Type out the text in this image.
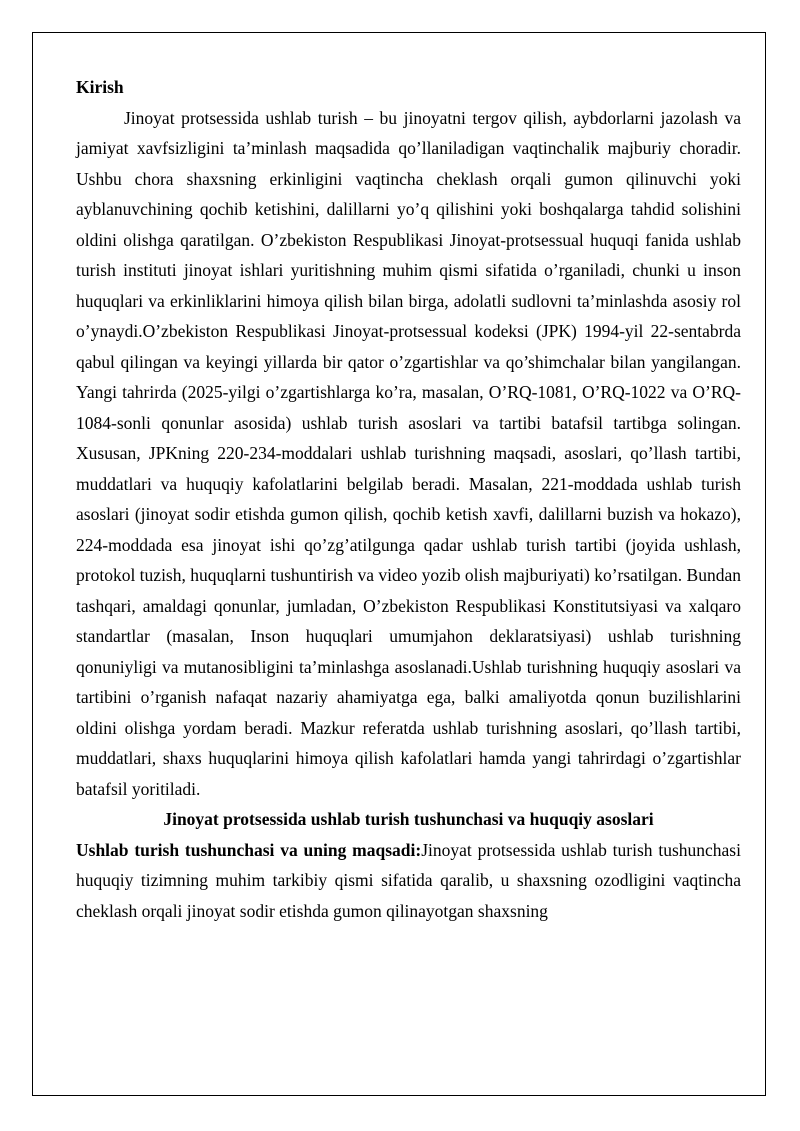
Kirish

Jinoyat protsessida ushlab turish – bu jinoyatni tergov qilish, aybdorlarni jazolash va jamiyat xavfsizligini ta’minlash maqsadida qo’llaniladigan vaqtinchalik majburiy choradir. Ushbu chora shaxsning erkinligini vaqtincha cheklash orqali gumon qilinuvchi yoki ayblanuvchining qochib ketishini, dalillarni yo’q qilishini yoki boshqalarga tahdid solishini oldini olishga qaratilgan. O’zbekiston Respublikasi Jinoyat-protsessual huquqi fanida ushlab turish instituti jinoyat ishlari yuritishning muhim qismi sifatida o’rganiladi, chunki u inson huquqlari va erkinliklarini himoya qilish bilan birga, adolatli sudlovni ta’minlashda asosiy rol o’ynaydi.O’zbekiston Respublikasi Jinoyat-protsessual kodeksi (JPK) 1994-yil 22-sentabrda qabul qilingan va keyingi yillarda bir qator o’zgartishlar va qo’shimchalar bilan yangilangan. Yangi tahrirda (2025-yilgi o’zgartishlarga ko’ra, masalan, O’RQ-1081, O’RQ-1022 va O’RQ-1084-sonli qonunlar asosida) ushlab turish asoslari va tartibi batafsil tartibga solingan. Xususan, JPKning 220-234-moddalari ushlab turishning maqsadi, asoslari, qo’llash tartibi, muddatlari va huquqiy kafolatlarini belgilab beradi. Masalan, 221-moddada ushlab turish asoslari (jinoyat sodir etishda gumon qilish, qochib ketish xavfi, dalillarni buzish va hokazo), 224-moddada esa jinoyat ishi qo’zg’atilgunga qadar ushlab turish tartibi (joyida ushlash, protokol tuzish, huquqlarni tushuntirish va video yozib olish majburiyati) ko’rsatilgan. Bundan tashqari, amaldagi qonunlar, jumladan, O’zbekiston Respublikasi Konstitutsiyasi va xalqaro standartlar (masalan, Inson huquqlari umumjahon deklaratsiyasi) ushlab turishning qonuniyligi va mutanosibligini ta’minlashga asoslanadi.Ushlab turishning huquqiy asoslari va tartibini o’rganish nafaqat nazariy ahamiyatga ega, balki amaliyotda qonun buzilishlarini oldini olishga yordam beradi. Mazkur referatda ushlab turishning asoslari, qo’llash tartibi, muddatlari, shaxs huquqlarini himoya qilish kafolatlari hamda yangi tahrirdagi o’zgartishlar batafsil yoritiladi.

Jinoyat protsessida ushlab turish tushunchasi va huquqiy asoslari

Ushlab turish tushunchasi va uning maqsadi:Jinoyat protsessida ushlab turish tushunchasi huquqiy tizimning muhim tarkibiy qismi sifatida qaralib, u shaxsning ozodligini vaqtincha cheklash orqali jinoyat sodir etishda gumon qilinayotgan shaxsning
